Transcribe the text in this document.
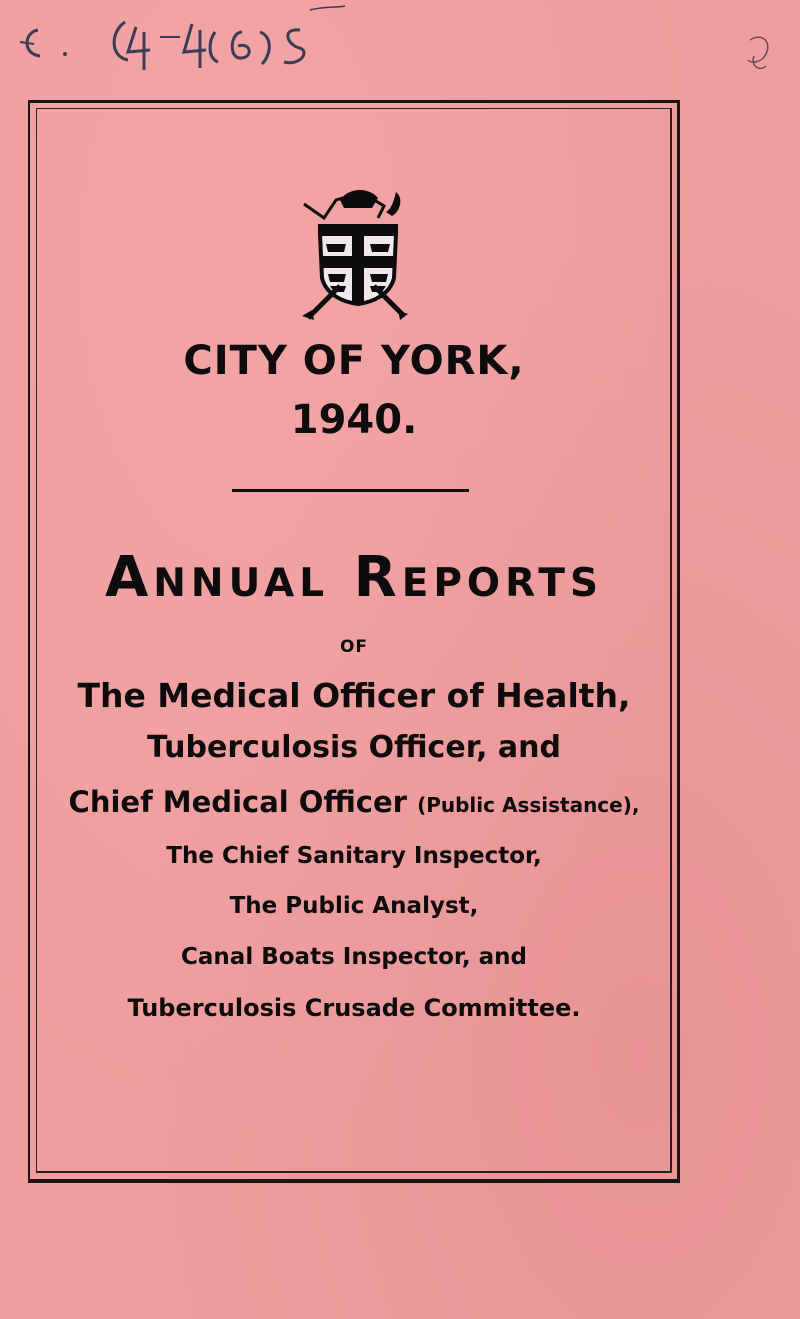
CITY OF YORK,
1940.
Annual Reports
OF
The Medical Officer of Health,
Tuberculosis Officer, and
Chief Medical Officer (Public Assistance),
The Chief Sanitary Inspector,
The Public Analyst,
Canal Boats Inspector, and
Tuberculosis Crusade Committee.
